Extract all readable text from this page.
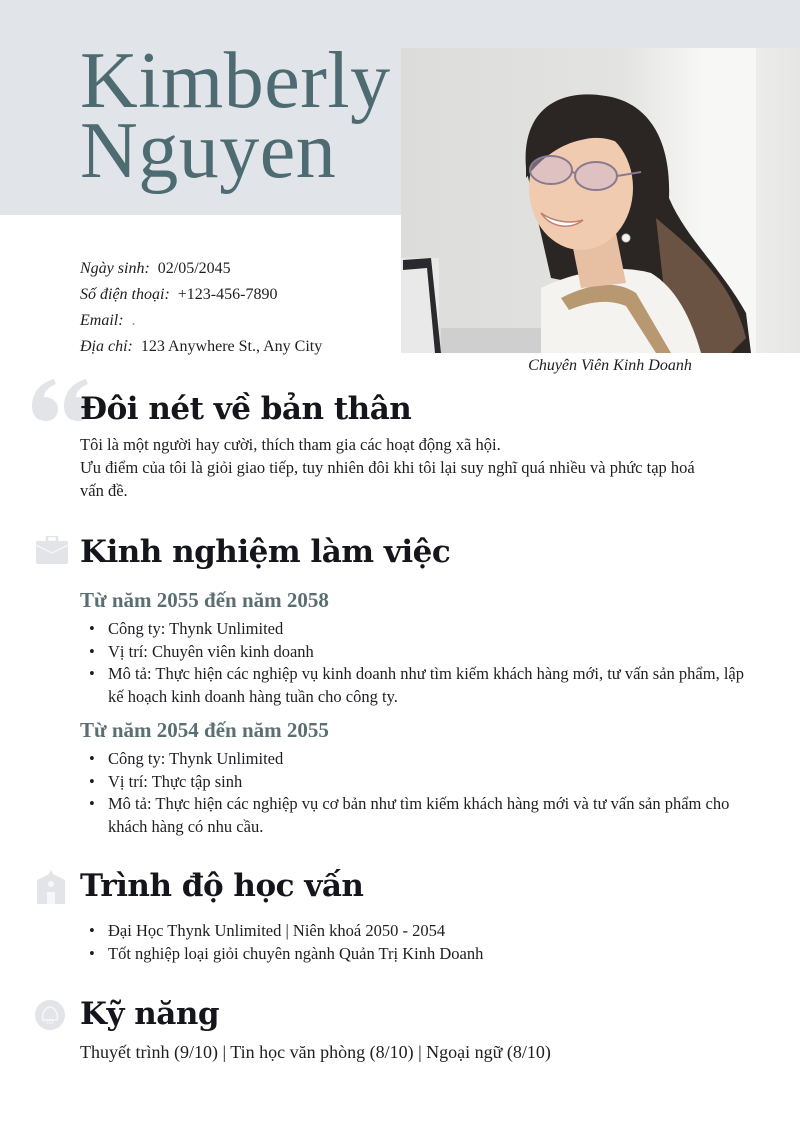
Kimberly
Nguyen
Chuyên Viên Kinh Doanh
Ngày sinh: 02/05/2045
Số điện thoại: +123-456-7890
Email: .
Địa chỉ: 123 Anywhere St., Any City
Đôi nét về bản thân
Tôi là một người hay cười, thích tham gia các hoạt động xã hội.
Ưu điểm của tôi là giỏi giao tiếp, tuy nhiên đôi khi tôi lại suy nghĩ quá nhiều và phức tạp hoá vấn đề.
Kinh nghiệm làm việc
Từ năm 2055 đến năm 2058
• Công ty: Thynk Unlimited
• Vị trí: Chuyên viên kinh doanh
• Mô tả: Thực hiện các nghiệp vụ kinh doanh như tìm kiếm khách hàng mới, tư vấn sản phẩm, lập kế hoạch kinh doanh hàng tuần cho công ty.
Từ năm 2054 đến năm 2055
• Công ty: Thynk Unlimited
• Vị trí: Thực tập sinh
• Mô tả: Thực hiện các nghiệp vụ cơ bản như tìm kiếm khách hàng mới và tư vấn sản phẩm cho khách hàng có nhu cầu.
Trình độ học vấn
• Đại Học Thynk Unlimited | Niên khoá 2050 - 2054
• Tốt nghiệp loại giỏi chuyên ngành Quản Trị Kinh Doanh
ID Kỹ năng
Thuyết trình (9/10) | Tin học văn phòng (8/10) | Ngoại ngữ (8/10)
